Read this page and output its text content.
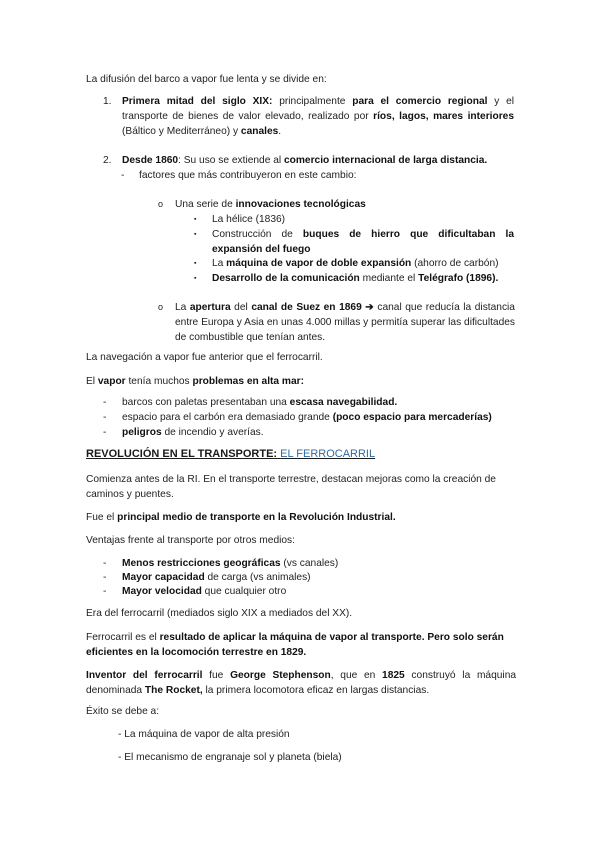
La difusión del barco a vapor fue lenta y se divide en:
1. Primera mitad del siglo XIX: principalmente para el comercio regional y el transporte de bienes de valor elevado, realizado por ríos, lagos, mares interiores (Báltico y Mediterráneo) y canales.
2. Desde 1860: Su uso se extiende al comercio internacional de larga distancia.
- factores que más contribuyeron en este cambio:
o Una serie de innovaciones tecnológicas
▪ La hélice (1836)
▪ Construcción de buques de hierro que dificultaban la expansión del fuego
▪ La máquina de vapor de doble expansión (ahorro de carbón)
▪ Desarrollo de la comunicación mediante el Telégrafo (1896).
o La apertura del canal de Suez en 1869 ➔ canal que reducía la distancia entre Europa y Asia en unas 4.000 millas y permitía superar las dificultades de combustible que tenían antes.
La navegación a vapor fue anterior que el ferrocarril.
El vapor tenía muchos problemas en alta mar:
- barcos con paletas presentaban una escasa navegabilidad.
- espacio para el carbón era demasiado grande (poco espacio para mercaderías)
- peligros de incendio y averías.
REVOLUCIÓN EN EL TRANSPORTE: EL FERROCARRIL
Comienza antes de la RI. En el transporte terrestre, destacan mejoras como la creación de caminos y puentes.
Fue el principal medio de transporte en la Revolución Industrial.
Ventajas frente al transporte por otros medios:
- Menos restricciones geográficas (vs canales)
- Mayor capacidad de carga (vs animales)
- Mayor velocidad que cualquier otro
Era del ferrocarril (mediados siglo XIX a mediados del XX).
Ferrocarril es el resultado de aplicar la máquina de vapor al transporte. Pero solo serán eficientes en la locomoción terrestre en 1829.
Inventor del ferrocarril fue George Stephenson, que en 1825 construyó la máquina denominada The Rocket, la primera locomotora eficaz en largas distancias.
Éxito se debe a:
- La máquina de vapor de alta presión
- El mecanismo de engranaje sol y planeta (biela)
